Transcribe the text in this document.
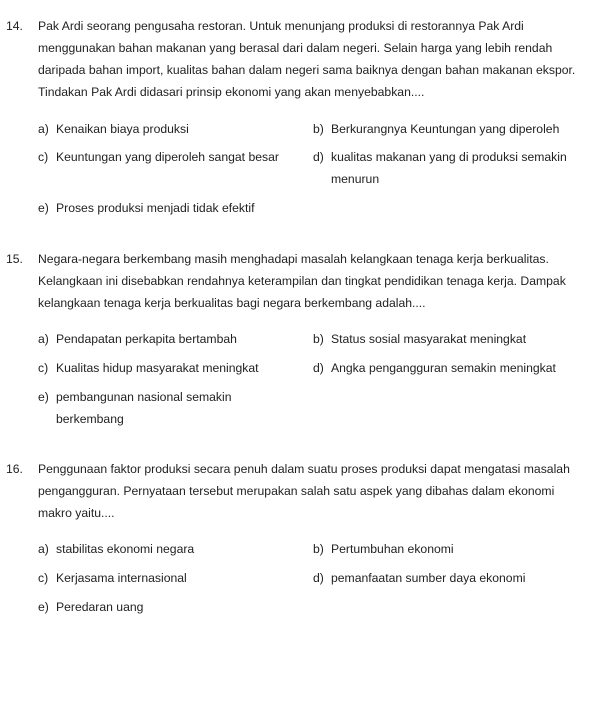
14. Pak Ardi seorang pengusaha restoran. Untuk menunjang produksi di restorannya Pak Ardi menggunakan bahan makanan yang berasal dari dalam negeri. Selain harga yang lebih rendah daripada bahan import, kualitas bahan dalam negeri sama baiknya dengan bahan makanan ekspor. Tindakan Pak Ardi didasari prinsip ekonomi yang akan menyebabkan....

a) Kenaikan biaya produksi	b) Berkurangnya Keuntungan yang diperoleh
c) Keuntungan yang diperoleh sangat besar	d) kualitas makanan yang di produksi semakin menurun
e) Proses produksi menjadi tidak efektif
15. Negara-negara berkembang masih menghadapi masalah kelangkaan tenaga kerja berkualitas. Kelangkaan ini disebabkan rendahnya keterampilan dan tingkat pendidikan tenaga kerja. Dampak kelangkaan tenaga kerja berkualitas bagi negara berkembang adalah....

a) Pendapatan perkapita bertambah	b) Status sosial masyarakat meningkat
c) Kualitas hidup masyarakat meningkat	d) Angka pengangguran semakin meningkat
e) pembangunan nasional semakin berkembang
16. Penggunaan faktor produksi secara penuh dalam suatu proses produksi dapat mengatasi masalah pengangguran. Pernyataan tersebut merupakan salah satu aspek yang dibahas dalam ekonomi makro yaitu....

a) stabilitas ekonomi negara	b) Pertumbuhan ekonomi
c) Kerjasama internasional	d) pemanfaatan sumber daya ekonomi
e) Peredaran uang
